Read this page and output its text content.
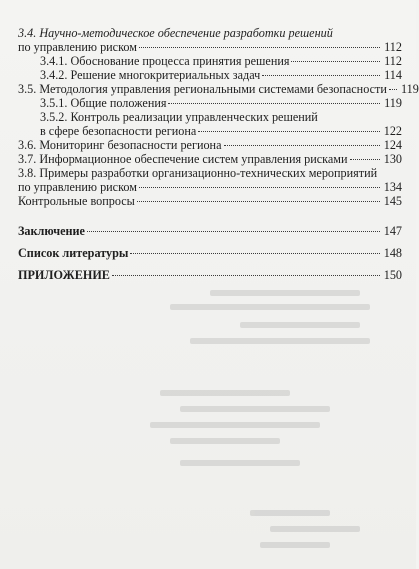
3.4. Научно-методическое обеспечение разработки решений
по управлению риском	112
3.4.1. Обоснование процесса принятия решения	112
3.4.2. Решение многокритериальных задач	114
3.5. Методология управления региональными системами безопасности 119
3.5.1. Общие положения	119
3.5.2. Контроль реализации управленческих решений
в сфере безопасности региона	122
3.6. Мониторинг безопасности региона	124
3.7. Информационное обеспечение систем управления рисками	130
3.8. Примеры разработки организационно-технических мероприятий
по управлению риском	134
Контрольные вопросы	145
Заключение	147
Список литературы	148
ПРИЛОЖЕНИЕ	150
